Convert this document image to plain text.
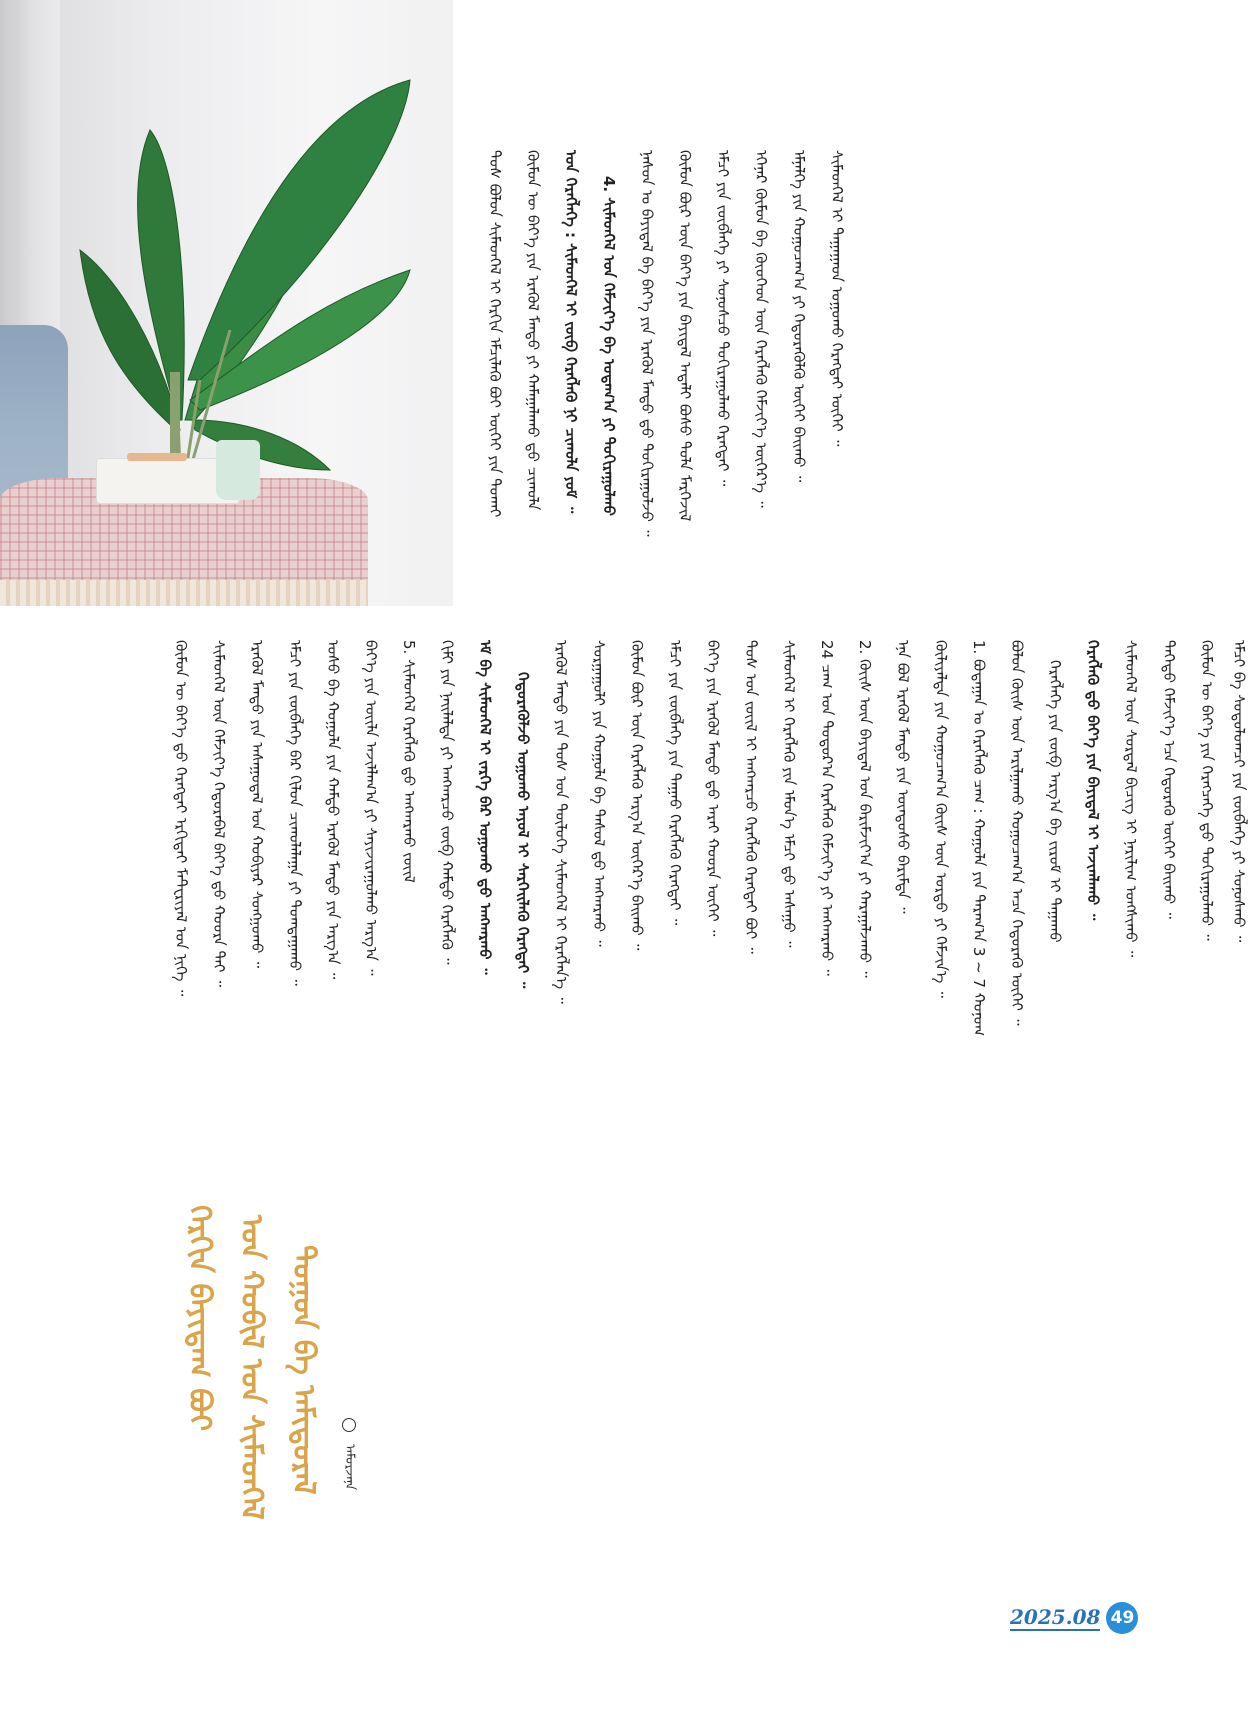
ᠲᠤᠰ ᠪᠤᠯᠤᠨ ᠰᠢᠮᠡᠳᠭᠡᠯ ᠢ ᠬᠡᠷᠬᠢᠨ ᠡᠮᠴᠢᠯᠡᠬᠦ ᠪᠤᠢ ᠦᠭᠡᠢ ᠶᠢᠨ ᠲᠤᠬᠠᠢ	ᠬᠦᠮᠦᠨ ᠦ ᠪᠡᠶ᠎ᠡ ᠶᠢᠨ ᠡᠷᠡᠭᠦᠯ ᠮᠡᠨᠳᠦ ᠶᠢ ᠬᠠᠮᠠᠭᠠᠯᠠᠬᠤ ᠳ᠋ᠤ ᠴᠢᠬᠤᠯᠠ	ᠤᠨ ᠬᠡᠷᠡᠭᠯᠡᠭᠡ : ᠰᠢᠮᠡᠳᠭᠡᠯ ᠢ ᠵᠥᠪ ᠬᠡᠷᠡᠭᠯᠡᠬᠦ ᠨᠢ ᠴᠢᠬᠤᠯᠠ ᠶᠤᠮ ᠃	4. ᠰᠢᠮᠡᠳᠭᠡᠯ ᠤᠨ ᠬᠡᠮᠵᠢᠶ᠎ᠡ ᠪᠠ ᠤᠳᠠᠭ᠎ᠠ ᠶᠢ ᠲᠤᠬᠢᠷᠠᠭᠤᠯᠬᠤ	ᠨᠠᠰᠤᠨ ᠤ ᠪᠠᠶᠢᠳᠠᠯ ᠪᠠ ᠪᠡᠶ᠎ᠡ ᠶᠢᠨ ᠡᠷᠡᠭᠦᠯ ᠮᠡᠨᠳᠦ ᠳ᠋ᠤ ᠲᠤᠬᠢᠷᠠᠭᠤᠯᠵᠤ ᠃	ᠬᠦᠮᠦᠨ ᠪᠦᠷ ᠦᠨ ᠪᠡᠶ᠎ᠡ ᠶᠢᠨ ᠪᠠᠶᠢᠳᠠᠯ ᠠᠳᠠᠯᠢ ᠪᠤᠰᠤ ᠲᠤᠯᠠ ᠮᠡᠷᠭᠡᠵᠢᠯ	ᠡᠮᠴᠢ ᠶᠢᠨ ᠵᠥᠪᠯᠡᠭᠡ ᠶᠢ ᠰᠣᠨᠣᠰᠴᠤ ᠲᠤᠬᠢᠷᠠᠭᠤᠯᠬᠤ ᠬᠡᠷᠡᠭᠲᠡᠢ ᠃	ᠡᠬᠡᠨᠡᠷ ᠬᠦᠮᠦᠨ ᠪᠠ ᠬᠦᠦᠬᠡᠳ ᠦᠨ ᠬᠡᠷᠡᠭᠯᠡᠬᠦ ᠬᠡᠮᠵᠢᠶ᠎ᠡ ᠥᠭᠡᠷ᠎ᠡ ᠃	ᠡᠮᠨᠡᠯᠭᠡ ᠶᠢᠨ ᠬᠤᠭᠤᠴᠠᠭ᠎ᠠ ᠶᠢ ᠬᠡᠲᠦᠷᠡᠭᠦᠯᠬᠦ ᠦᠭᠡᠢ ᠪᠠᠢᠬᠤ ᠃	ᠰᠢᠮᠡᠳᠭᠡᠯ ᠢ ᠳᠠᠭᠠᠭᠠᠳ ᠤᠭᠤᠬᠤ ᠬᠡᠷᠡᠭᠲᠡᠢ ᠦᠭᠡᠢ ᠃
ᠬᠦᠮᠦᠨ ᠦ ᠪᠡᠶ᠎ᠡ ᠳ᠋ᠤ ᠬᠡᠷᠡᠭᠲᠡᠢ ᠡᠷᠬᠢᠳᠡᠢ ᠮᠠᠲ᠋ᠧᠷᠢᠶᠠᠯ ᠤᠨ ᠨᠢᠭᠡ ᠃	ᠰᠢᠮᠡᠳᠭᠡᠯ ᠦᠨ ᠬᠡᠮᠵᠢᠶ᠎ᠡ ᠬᠡᠲᠦᠷᠡᠪᠡᠯ ᠪᠡᠶ᠎ᠡ ᠳ᠋ᠤ ᠬᠣᠣᠷᠠ ᠲᠠᠢ ᠃	ᠡᠷᠡᠭᠦᠯ ᠮᠡᠨᠳᠦ ᠶᠢᠨ ᠠᠰᠠᠭᠤᠳᠠᠯ ᠤᠨ ᠬᠤᠪᠢᠶᠠᠷ ᠰᠤᠩᠭᠤᠬᠤ ᠃	ᠡᠮᠴᠢ ᠶᠢᠨ ᠵᠥᠪᠯᠡᠭᠡ ᠪᠡᠷ ᠭᠢᠯᠤᠨ ᠴᠢᠬᠤᠯᠠᠯᠠᠭᠠ ᠶᠢ ᠲᠤᠭᠳᠠᠭᠠᠬᠤ ᠃	ᠤᠰᠤ ᠪᠠ ᠬᠣᠭᠤᠯᠠ ᠶᠢᠨ ᠬᠠᠮᠲᠤ ᠡᠷᠡᠭᠦᠯ ᠮᠡᠨᠳᠦ ᠶᠢᠨ ᠠᠷᠭ᠎ᠠ ᠃	ᠪᠡᠶ᠎ᠡ ᠶᠢᠨ ᠦᠢᠯᠡ ᠠᠵᠢᠯᠯᠠᠭ᠎ᠠ ᠶᠢ ᠰᠠᠶᠢᠵᠢᠷᠠᠭᠤᠯᠬᠤ ᠠᠷᠭ᠎ᠠ ᠃	5. ᠰᠢᠮᠡᠳᠭᠡᠯ ᠬᠡᠷᠡᠭᠯᠡᠬᠦ ᠳ᠋ᠤ ᠠᠩᠬᠠᠷᠬᠤ ᠵᠦᠢᠯ	ᠬᠢᠮᠢ ᠶᠢᠨ ᠨᠡᠢᠯᠡᠯᠲᠡ ᠶᠢ ᠠᠩᠬᠠᠷᠴᠤ ᠵᠥᠪ ᠬᠠᠮᠲᠤ ᠬᠡᠷᠡᠭᠯᠡᠬᠦ ᠃	ᠡᠮ ᠪᠠ ᠰᠢᠮᠡᠳᠭᠡᠯ ᠢ ᠵᠡᠷᠭᠡ ᠪᠡᠷ ᠤᠭᠤᠬᠤ ᠳ᠋ᠤ ᠠᠩᠬᠠᠷᠬᠤ ᠃	ᠬᠡᠲᠦᠷᠡᠭᠦᠯᠵᠤ ᠤᠭᠤᠬᠤ ᠠᠶᠤᠯ ᠢ ᠰᠡᠷᠭᠡᠢᠯᠡᠬᠦ ᠬᠡᠷᠡᠭᠲᠡᠢ ᠃	ᠡᠷᠡᠭᠦᠯ ᠮᠡᠨᠳᠦ ᠶᠢᠨ ᠲᠤᠰ ᠤᠨ ᠲᠥᠯᠦᠭᠡ ᠰᠢᠮᠡᠳᠭᠡᠯ ᠢ ᠬᠡᠷᠡᠭᠯᠡᠨ᠎ᠡ ᠃	ᠰᠤᠷᠭᠠᠭᠤᠯᠢ ᠶᠢᠨ ᠬᠣᠭᠤᠯᠠ ᠪᠠ ᠳᠠᠰᠤᠯ ᠳ᠋ᠤ ᠠᠩᠬᠠᠷᠬᠤ ᠃	ᠬᠦᠮᠦᠨ ᠪᠦᠷ ᠦᠨ ᠬᠡᠷᠡᠭᠯᠡᠬᠦ ᠠᠷᠭ᠎ᠠ ᠥᠭᠡᠷ᠎ᠡ ᠪᠠᠢᠬᠤ ᠃	ᠡᠮᠴᠢ ᠶᠢᠨ ᠵᠥᠪᠯᠡᠭᠡ ᠶᠢᠨ ᠳᠠᠭᠠᠤ ᠬᠡᠷᠡᠭᠯᠡᠬᠦ ᠬᠡᠷᠡᠭᠲᠡᠢ ᠃	ᠪᠡᠶ᠎ᠡ ᠶᠢᠨ ᠡᠷᠡᠭᠦᠯ ᠮᠡᠨᠳᠦ ᠳ᠋ᠤ ᠠᠷᠠᠢ ᠬᠣᠣᠷᠠ ᠦᠭᠡᠢ ᠃	ᠲᠤᠰ ᠤᠨ ᠵᠦᠢᠯ ᠢ ᠠᠩᠬᠠᠷᠴᠤ ᠬᠡᠷᠡᠭᠯᠡᠬᠦ ᠬᠡᠷᠡᠭᠲᠡᠢ ᠪᠤᠢ ᠃	ᠰᠢᠮᠡᠳᠭᠡᠯ ᠢ ᠬᠡᠷᠡᠭᠯᠡᠬᠦ ᠶᠢᠨ ᠡᠮᠦᠨ᠎ᠡ ᠡᠮᠴᠢ ᠳ᠋ᠤ ᠠᠰᠠᠭᠤ ᠃	24 ᠴᠠᠭ ᠤᠨ ᠳᠤᠲᠤᠷ᠎ᠠ ᠬᠡᠷᠡᠭᠯᠡᠬᠦ ᠬᠡᠮᠵᠢᠶ᠎ᠡ ᠶᠢ ᠠᠩᠬᠠᠷᠬᠤ ᠃	2. ᠬᠦᠢᠰ ᠦᠨ ᠪᠠᠶᠢᠳᠠᠯ ᠤᠨ ᠪᠠᠷᠢᠮᠵᠢᠶ᠎ᠠ ᠶᠢ ᠬᠠᠷᠠᠭᠠᠯᠵᠠᠬᠤ ᠃	ᠡᠨᠡ ᠪᠣᠯ ᠡᠷᠡᠭᠦᠯ ᠮᠡᠨᠳᠦ ᠶᠢᠨ ᠦᠨᠳᠦᠰᠦ ᠪᠠᠷᠢᠮᠲᠠ ᠃	ᠬᠦᠯᠢᠶᠡᠯᠲᠡ ᠶᠢᠨ ᠬᠤᠭᠤᠴᠠᠭ᠎ᠠ ᠬᠦᠢᠰ ᠦᠨ ᠤᠷᠳᠤ ᠶᠢ ᠬᠡᠮᠵᠢᠨ᠎ᠡ ᠃	1. ᠪᠤᠳᠠᠭᠠᠨ ᠤ ᠬᠡᠷᠡᠭᠯᠡᠬᠦ ᠴᠠᠭ : ᠬᠣᠭᠤᠯᠠ ᠶᠢᠨ ᠳᠠᠷᠠᠭ᠎ᠠ 3 ~ 7 ᠬᠣᠨᠤᠭ	ᠪᠣᠯᠤᠨ ᠬᠦᠢᠰ ᠦᠨ ᠠᠷᠢᠯᠭᠠᠬᠤ ᠬᠤᠭᠤᠴᠠᠭ᠎ᠠ ᠠᠴᠠ ᠬᠡᠲᠦᠷᠡᠬᠦ ᠦᠭᠡᠢ ᠃	ᠬᠡᠷᠡᠭᠯᠡᠭᠡ ᠶᠢᠨ ᠵᠥᠪ ᠠᠷᠭ᠎ᠠ ᠪᠠ ᠵᠢᠷᠤᠮ ᠢ ᠳᠠᠭᠠᠬᠤ	ᠬᠡᠷᠡᠭᠯᠡᠬᠦ ᠳ᠋ᠤ ᠪᠡᠶ᠎ᠡ ᠶᠢᠨ ᠪᠠᠶᠢᠳᠠᠯ ᠢ ᠠᠵᠢᠭᠯᠠᠬᠤ ᠃	ᠰᠢᠮᠡᠳᠭᠡᠯ ᠦᠨ ᠰᠤᠷᠲᠠᠯ ᠪᠢᠴᠢᠭ ᠢ ᠨᠠᠷᠢᠯᠢᠭ ᠤᠩᠰᠢᠬᠤ ᠃	ᠳᠡᠭᠡᠳᠦ ᠬᠡᠮᠵᠢᠶ᠎ᠡ ᠡᠴᠡ ᠬᠡᠲᠦᠷᠡᠬᠦ ᠦᠭᠡᠢ ᠪᠠᠢᠬᠤ ᠃	ᠬᠦᠮᠦᠨ ᠦ ᠪᠡᠶ᠎ᠡ ᠶᠢᠨ ᠬᠡᠷᠡᠭᠴᠡᠭᠡ ᠳ᠋ᠤ ᠲᠤᠬᠢᠷᠠᠭᠤᠯᠬᠤ ᠃ ᠡᠮᠴᠢ ᠪᠠ ᠰᠤᠳᠤᠯᠤᠭᠴᠢ ᠶᠢᠨ ᠵᠥᠪᠯᠡᠭᠡ ᠶᠢ ᠰᠣᠨᠣᠰᠬᠤ ᠃
ᠬᠡᠷᠬᠢᠨ ᠪᠠᠶᠢᠳᠠᠭ ᠪᠤᠢ ᠤᠨ ᠬᠤᠪᠢᠯ ᠤᠨ ᠰᠢᠮᠡᠳᠭᠡᠯ ᠳᠤᠭᠤᠨ ᠪᠠ ᠠᠮᠢᠳᠤᠷᠠᠯ	ᠠᠮᠤᠷᠵᠠᠨᠠ
2025.08 49
